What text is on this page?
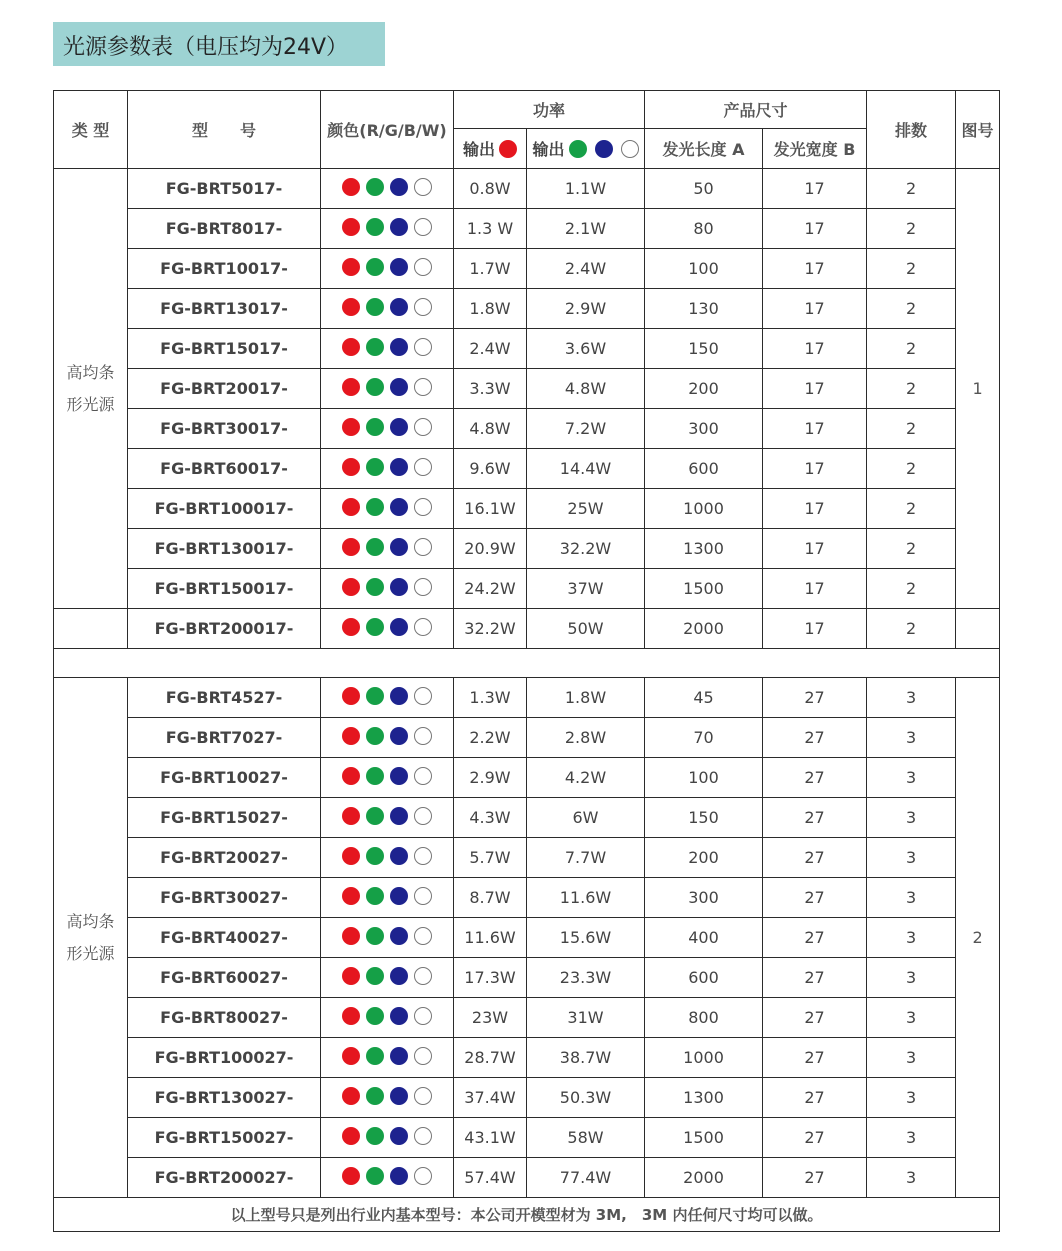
光源参数表（电压均为24V）
类 型	型　　号	颜色(R/G/B/W)	功率		产品尺寸		排数	图号

			输出	输出	发光长度 A	发光宽度 B		

高均条
形光源	FG-BRT5017-		0.8W	1.1W	50	17	2	1
	FG-BRT8017-		1.3 W	2.1W	80	17	2	
	FG-BRT10017-		1.7W	2.4W	100	17	2	
	FG-BRT13017-		1.8W	2.9W	130	17	2	
	FG-BRT15017-		2.4W	3.6W	150	17	2	
	FG-BRT20017-		3.3W	4.8W	200	17	2	
	FG-BRT30017-		4.8W	7.2W	300	17	2	
	FG-BRT60017-		9.6W	14.4W	600	17	2	
	FG-BRT100017-		16.1W	25W	1000	17	2	
	FG-BRT130017-		20.9W	32.2W	1300	17	2	
	FG-BRT150017-		24.2W	37W	1500	17	2	
	FG-BRT200017-		32.2W	50W	2000	17	2	

高均条
形光源	FG-BRT4527-		1.3W	1.8W	45	27	3	2
	FG-BRT7027-		2.2W	2.8W	70	27	3	
	FG-BRT10027-		2.9W	4.2W	100	27	3	
	FG-BRT15027-		4.3W	6W	150	27	3	
	FG-BRT20027-		5.7W	7.7W	200	27	3	
	FG-BRT30027-		8.7W	11.6W	300	27	3	
	FG-BRT40027-		11.6W	15.6W	400	27	3	
	FG-BRT60027-		17.3W	23.3W	600	27	3	
	FG-BRT80027-		23W	31W	800	27	3	
	FG-BRT100027-		28.7W	38.7W	1000	27	3	
	FG-BRT130027-		37.4W	50.3W	1300	27	3	
	FG-BRT150027-		43.1W	58W	1500	27	3	
	FG-BRT200027-		57.4W	77.4W	2000	27	3	
以上型号只是列出行业内基本型号：本公司开模型材为 3M,　3M 内任何尺寸均可以做。								
